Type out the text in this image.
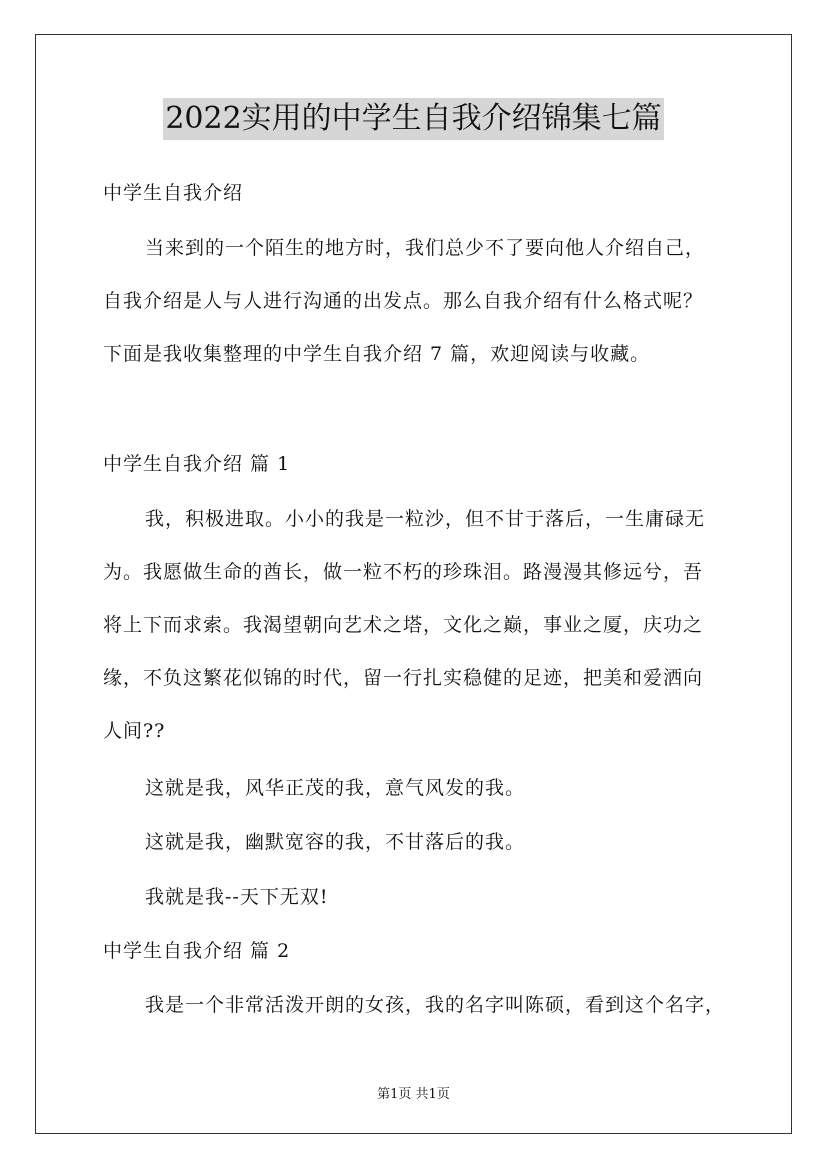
2022实用的中学生自我介绍锦集七篇
中学生自我介绍
当来到的一个陌生的地方时，我们总少不了要向他人介绍自己，
自我介绍是人与人进行沟通的出发点。那么自我介绍有什么格式呢？
下面是我收集整理的中学生自我介绍 7 篇，欢迎阅读与收藏。
中学生自我介绍 篇 1
我，积极进取。小小的我是一粒沙，但不甘于落后，一生庸碌无
为。我愿做生命的酋长，做一粒不朽的珍珠泪。路漫漫其修远兮，吾
将上下而求索。我渴望朝向艺术之塔，文化之巅，事业之厦，庆功之
缘，不负这繁花似锦的时代，留一行扎实稳健的足迹，把美和爱洒向
人间??
这就是我，风华正茂的我，意气风发的我。
这就是我，幽默宽容的我，不甘落后的我。
我就是我--天下无双!
中学生自我介绍 篇 2
我是一个非常活泼开朗的女孩，我的名字叫陈硕，看到这个名字，
第1页 共1页
